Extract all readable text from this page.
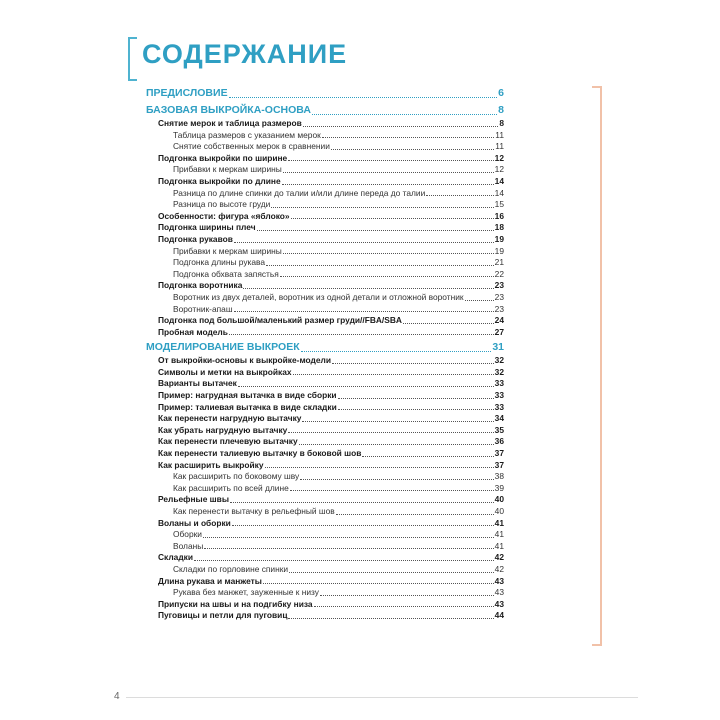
СОДЕРЖАНИЕ
ПРЕДИСЛОВИЕ	6
БАЗОВАЯ ВЫКРОЙКА-ОСНОВА	8
Снятие мерок и таблица размеров	8
Таблица размеров с указанием мерок	11
Снятие собственных мерок в сравнении	11
Подгонка выкройки по ширине	12
Прибавки к меркам ширины	12
Подгонка выкройки по длине	14
Разница по длине спинки до талии и/или длине переда до талии	14
Разница по высоте груди	15
Особенности: фигура «яблоко»	16
Подгонка ширины плеч	18
Подгонка рукавов	19
Прибавки к меркам ширины	19
Подгонка длины рукава	21
Подгонка обхвата запястья	22
Подгонка воротника	23
Воротник из двух деталей, воротник из одной детали и отложной воротник	23
Воротник-апаш	23
Подгонка под большой/маленький размер груди//FBA/SBA	24
Пробная модель	27
МОДЕЛИРОВАНИЕ ВЫКРОЕК	31
От выкройки-основы к выкройке-модели	32
Символы и метки на выкройках	32
Варианты вытачек	33
Пример: нагрудная вытачка в виде сборки	33
Пример: талиевая вытачка в виде складки	33
Как перенести нагрудную вытачку	34
Как убрать нагрудную вытачку	35
Как перенести плечевую вытачку	36
Как перенести талиевую вытачку в боковой шов	37
Как расширить выкройку	37
Как расширить по боковому шву	38
Как расширить по всей длине	39
Рельефные швы	40
Как перенести вытачку в рельефный шов	40
Воланы и оборки	41
Оборки	41
Воланы	41
Складки	42
Складки по горловине спинки	42
Длина рукава и манжеты	43
Рукава без манжет, зауженные к низу	43
Припуски на швы и на подгибку низа	43
Пуговицы и петли для пуговиц	44
4
